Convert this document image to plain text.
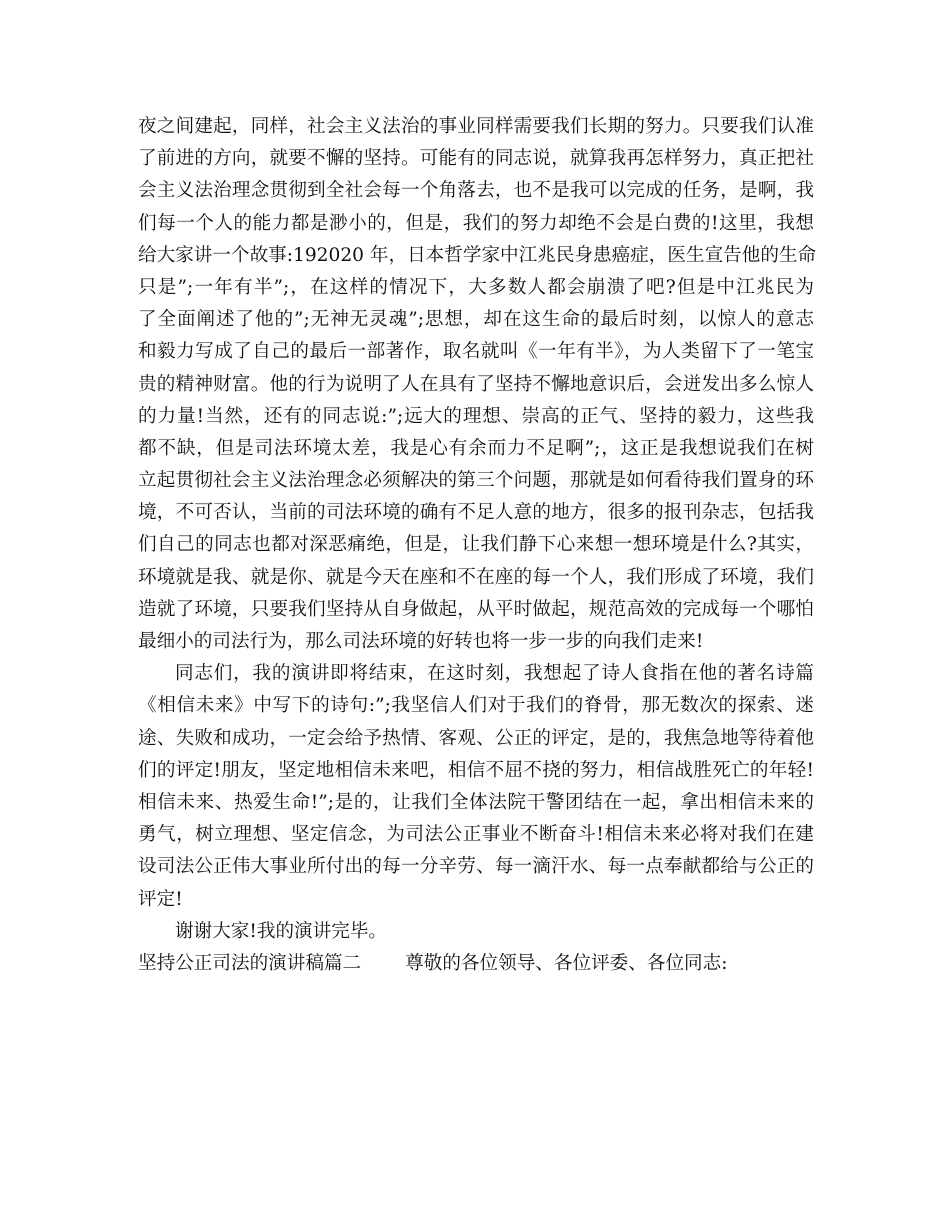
夜之间建起，同样，社会主义法治的事业同样需要我们长期的努力。只要我们认准
了前进的方向，就要不懈的坚持。可能有的同志说，就算我再怎样努力，真正把社
会主义法治理念贯彻到全社会每一个角落去，也不是我可以完成的任务，是啊，我
们每一个人的能力都是渺小的，但是，我们的努力却绝不会是白费的!这里，我想
给大家讲一个故事:192020 年，日本哲学家中江兆民身患癌症，医生宣告他的生命
只是”;一年有半”;，在这样的情况下，大多数人都会崩溃了吧?但是中江兆民为
了全面阐述了他的”;无神无灵魂”;思想，却在这生命的最后时刻，以惊人的意志
和毅力写成了自己的最后一部著作，取名就叫《一年有半》，为人类留下了一笔宝
贵的精神财富。他的行为说明了人在具有了坚持不懈地意识后，会迸发出多么惊人
的力量!当然，还有的同志说:”;远大的理想、崇高的正气、坚持的毅力，这些我
都不缺，但是司法环境太差，我是心有余而力不足啊”;，这正是我想说我们在树
立起贯彻社会主义法治理念必须解决的第三个问题，那就是如何看待我们置身的环
境，不可否认，当前的司法环境的确有不足人意的地方，很多的报刊杂志，包括我
们自己的同志也都对深恶痛绝，但是，让我们静下心来想一想环境是什么?其实，
环境就是我、就是你、就是今天在座和不在座的每一个人，我们形成了环境，我们
造就了环境，只要我们坚持从自身做起，从平时做起，规范高效的完成每一个哪怕
最细小的司法行为，那么司法环境的好转也将一步一步的向我们走来!
同志们，我的演讲即将结束，在这时刻，我想起了诗人食指在他的著名诗篇
《相信未来》中写下的诗句:”;我坚信人们对于我们的脊骨，那无数次的探索、迷
途、失败和成功，一定会给予热情、客观、公正的评定，是的，我焦急地等待着他
们的评定!朋友，坚定地相信未来吧，相信不屈不挠的努力，相信战胜死亡的年轻!
相信未来、热爱生命!”;是的，让我们全体法院干警团结在一起，拿出相信未来的
勇气，树立理想、坚定信念，为司法公正事业不断奋斗!相信未来必将对我们在建
设司法公正伟大事业所付出的每一分辛劳、每一滴汗水、每一点奉献都给与公正的
评定!
谢谢大家!我的演讲完毕。
坚持公正司法的演讲稿篇二 尊敬的各位领导、各位评委、各位同志:
